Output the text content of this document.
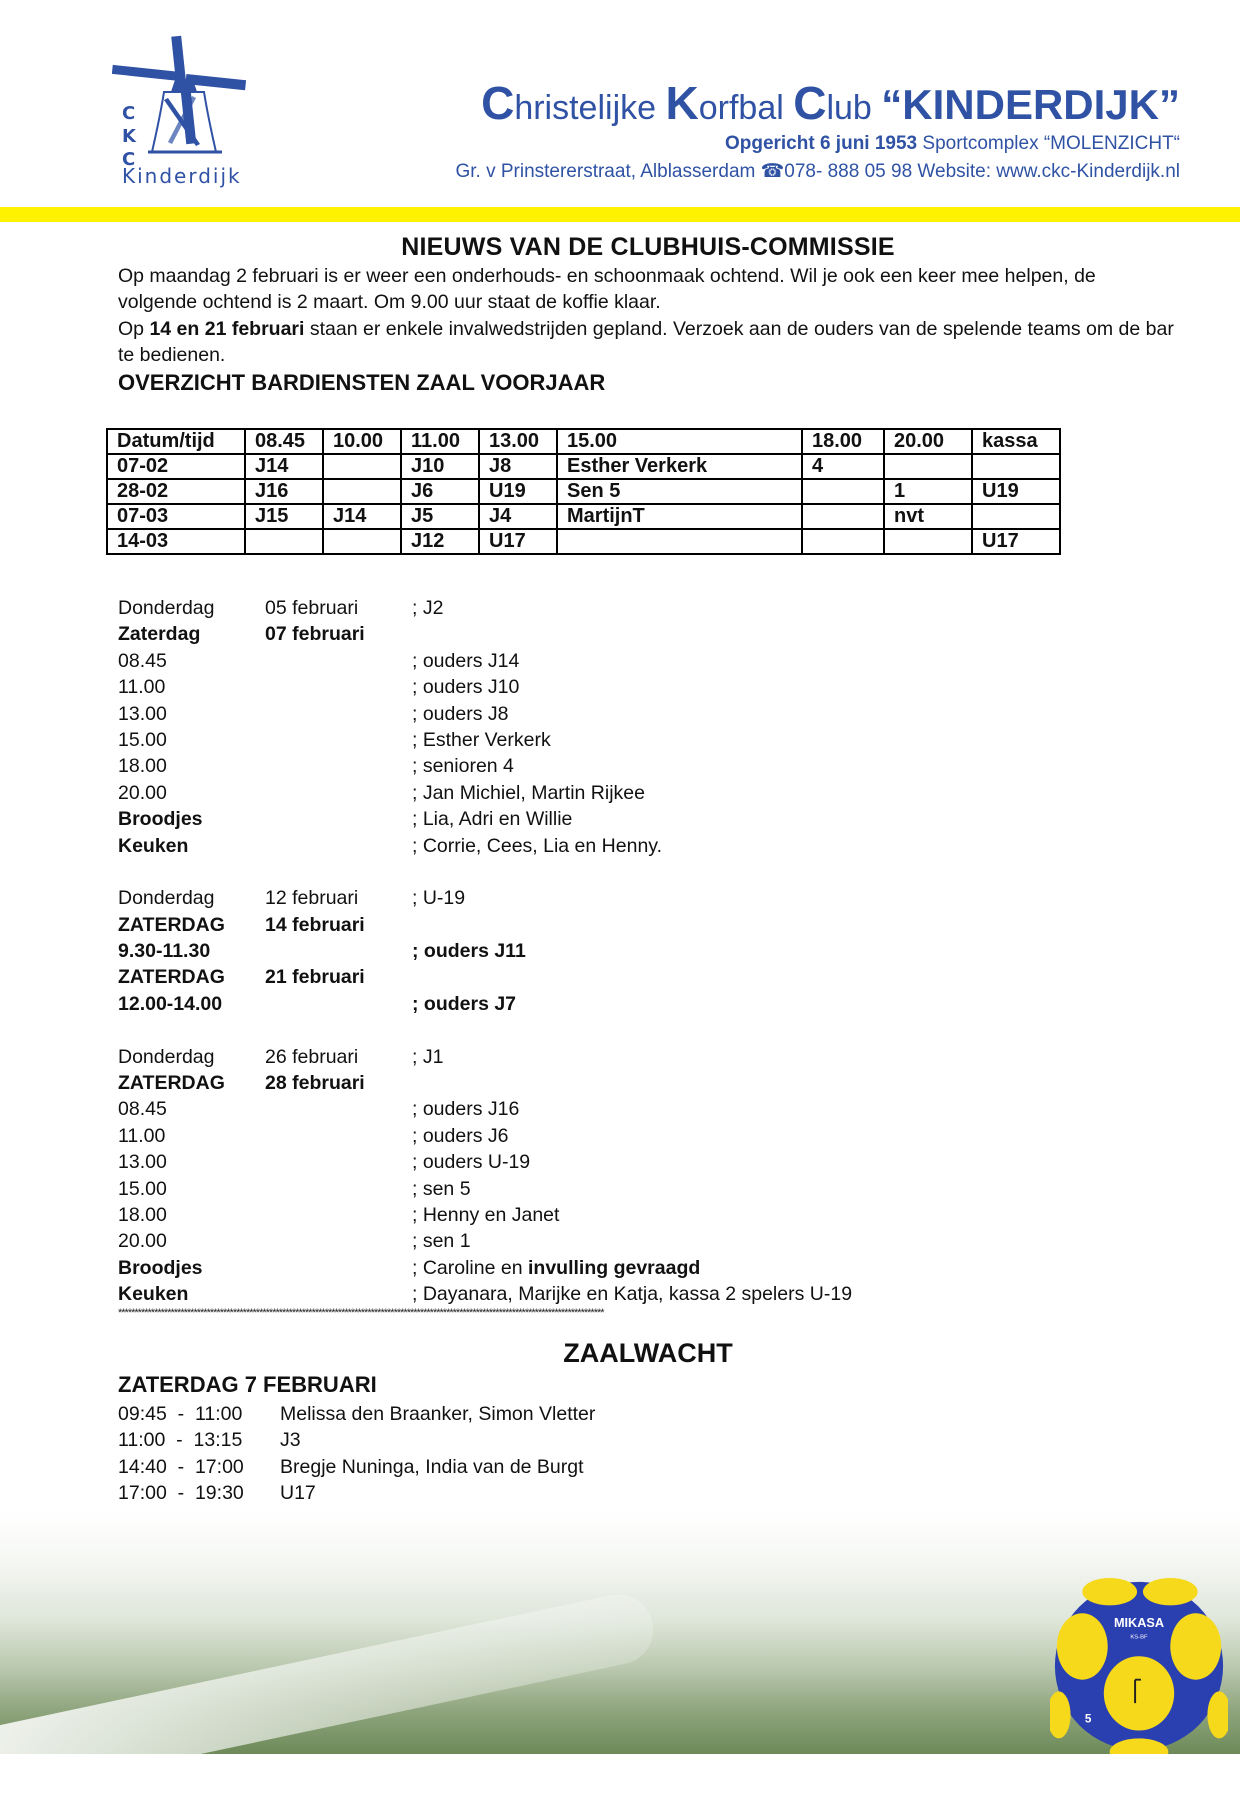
C
K
C
Kinderdijk
Christelijke Korfbal Club “KINDERDIJK”
Opgericht 6 juni 1953 Sportcomplex “MOLENZICHT“
Gr. v Prinstererstraat, Alblasserdam ☎078- 888 05 98 Website: www.ckc-Kinderdijk.nl
NIEUWS VAN DE CLUBHUIS-COMMISSIE

Op maandag 2 februari is er weer een onderhouds- en schoonmaak ochtend. Wil je ook een keer mee helpen, de volgende ochtend is 2 maart. Om 9.00 uur staat de koffie klaar.

Op 14 en 21 februari staan er enkele invalwedstrijden gepland. Verzoek aan de ouders van de spelende teams om de bar te bedienen.

OVERZICHT BARDIENSTEN ZAAL VOORJAAR
Datum/tijd	08.45	10.00	11.00	13.00	15.00	18.00	20.00	kassa
07-02	J14		J10	J8	Esther Verkerk	4		
28-02	J16		J6	U19	Sen 5		1	U19
07-03	J15	J14	J5	J4	MartijnT		nvt	
14-03			J12	U17				U17
Donderdag	05 februari	; J2
Zaterdag	07 februari
08.45	; ouders J14
11.00	; ouders J10
13.00	; ouders J8
15.00	; Esther Verkerk
18.00	; senioren 4
20.00	; Jan Michiel, Martin Rijkee
Broodjes	; Lia, Adri en Willie
Keuken	; Corrie, Cees, Lia en Henny.
Donderdag	12 februari	; U-19
ZATERDAG	14 februari
9.30-11.30	; ouders J11
ZATERDAG	21 februari
12.00-14.00	; ouders J7
Donderdag	26 februari	; J1
ZATERDAG	28 februari
08.45	; ouders J16
11.00	; ouders J6
13.00	; ouders U-19
15.00	; sen 5
18.00	; Henny en Janet
20.00	; sen 1
Broodjes	; Caroline en invulling gevraagd
Keuken	; Dayanara, Marijke en Katja, kassa 2 spelers U-19
****************************************************************************************************************************************************
ZAALWACHT
ZATERDAG 7 FEBRUARI
09:45  -  11:00	Melissa den Braanker, Simon Vletter
11:00  -  13:15	J3
14:40  -  17:00	Bregje Nuninga, India van de Burgt
17:00  -  19:30	U17
MIKASA
KS-BF
5
